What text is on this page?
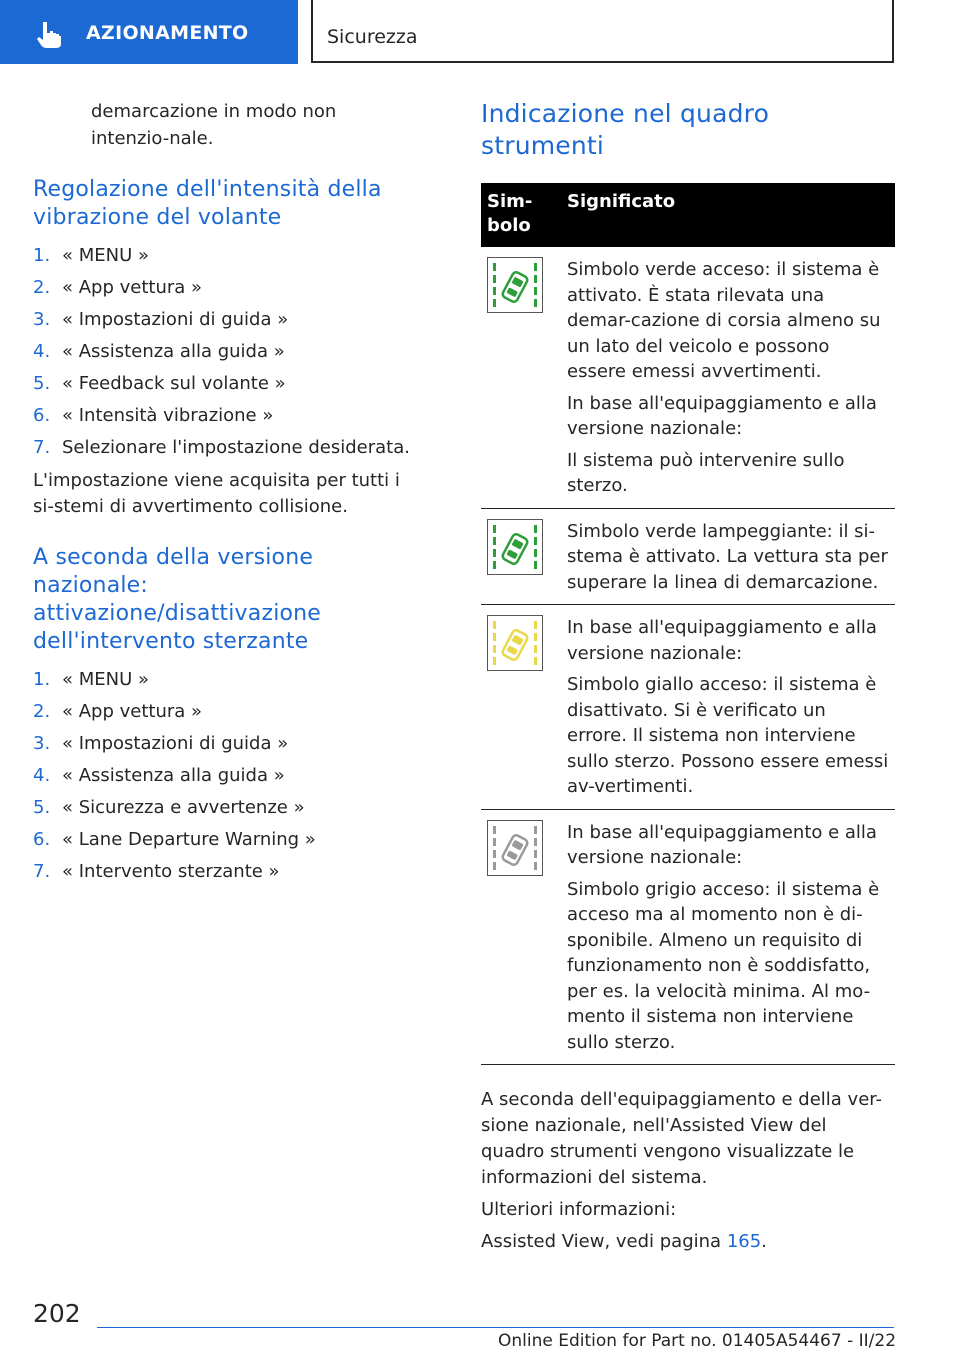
AZIONAMENTO	Sicurezza

demarcazione in modo non intenzio-nale.

Regolazione dell'intensità della vibrazione del volante
1. « MENU »
2. « App vettura »
3. « Impostazioni di guida »
4. « Assistenza alla guida »
5. « Feedback sul volante »
6. « Intensità vibrazione »
7. Selezionare l'impostazione desiderata.

L'impostazione viene acquisita per tutti i si-stemi di avvertimento collisione.

A seconda della versione nazionale: attivazione/disattivazione dell'intervento sterzante
1. « MENU »
2. « App vettura »
3. « Impostazioni di guida »
4. « Assistenza alla guida »
5. « Sicurezza e avvertenze »
6. « Lane Departure Warning »
7. « Intervento sterzante »
Indicazione nel quadro strumenti
Sim-bolo	Significato

Simbolo verde acceso: il sistema è attivato. È stata rilevata una demar-cazione di corsia almeno su un lato del veicolo e possono essere emessi avvertimenti.

In base all'equipaggiamento e alla versione nazionale:

Il sistema può intervenire sullo sterzo.

Simbolo verde lampeggiante: il si-stema è attivato. La vettura sta per superare la linea di demarcazione.

In base all'equipaggiamento e alla versione nazionale:

Simbolo giallo acceso: il sistema è disattivato. Si è verificato un errore. Il sistema non interviene sullo sterzo. Possono essere emessi av-vertimenti.

In base all'equipaggiamento e alla versione nazionale:

Simbolo grigio acceso: il sistema è acceso ma al momento non è di-sponibile. Almeno un requisito di funzionamento non è soddisfatto, per es. la velocità minima. Al mo-mento il sistema non interviene sullo sterzo.

A seconda dell'equipaggiamento e della ver-sione nazionale, nell'Assisted View del quadro strumenti vengono visualizzate le informazioni del sistema.

Ulteriori informazioni:

Assisted View, vedi pagina 165.

202
Online Edition for Part no. 01405A54467 - II/22
